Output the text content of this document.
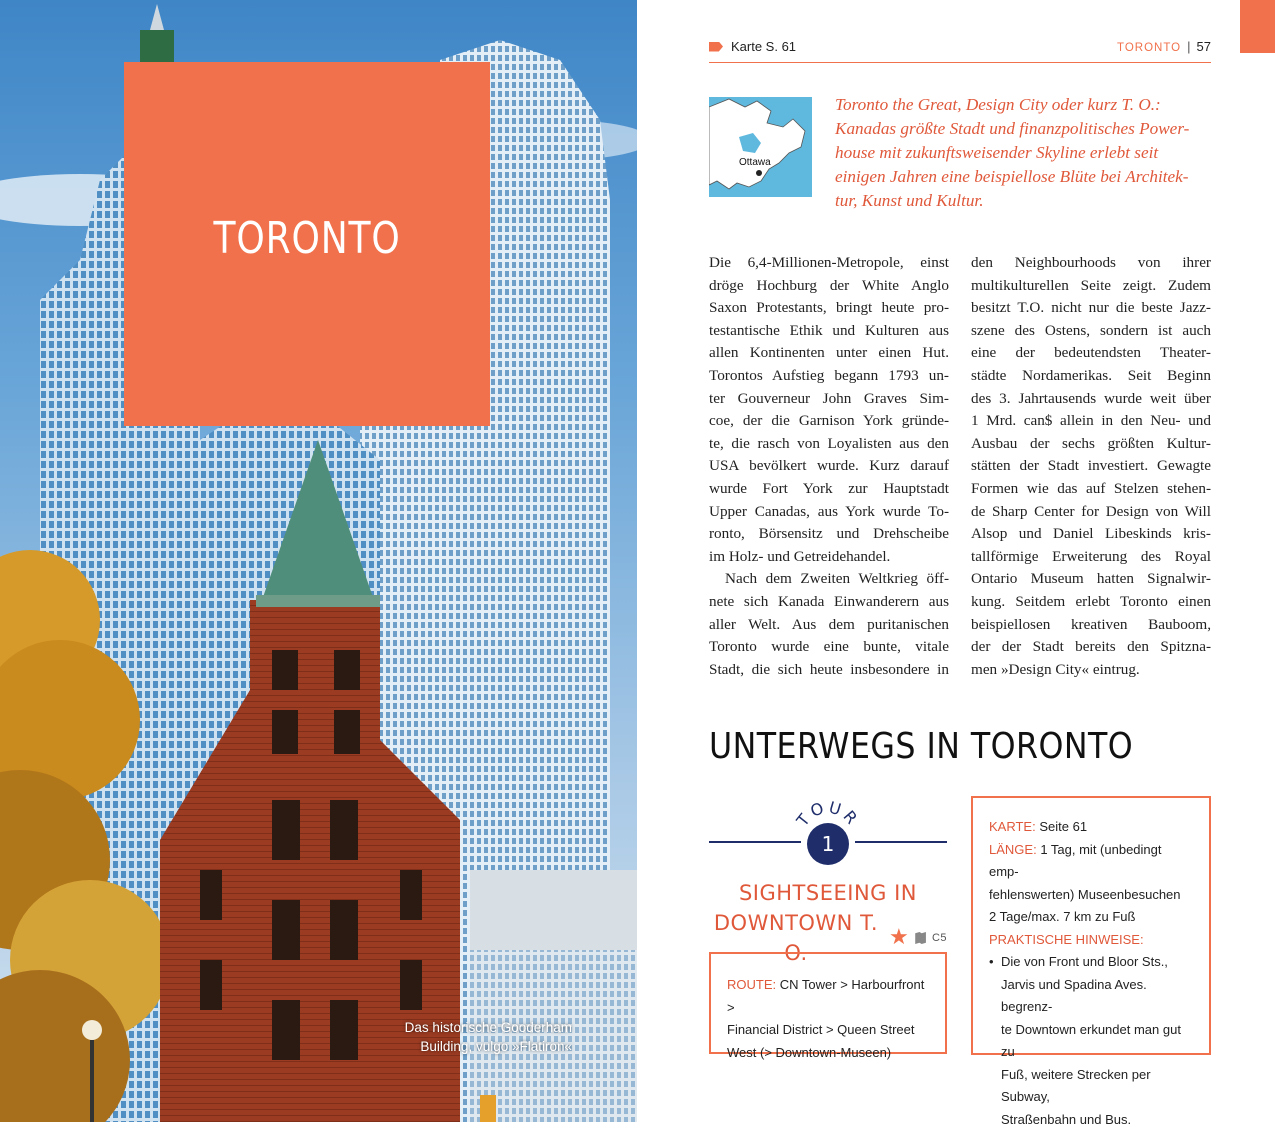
TORONTO
Das historische Gooderham
Building, vulgo »Flatiron«
Karte S. 61	TORONTO | 57
Ottawa
Toronto the Great, Design City oder kurz T. O.:
Kanadas größte Stadt und finanzpolitisches Power-
house mit zukunftsweisender Skyline erlebt seit
einigen Jahren eine beispiellose Blüte bei Architek-
tur, Kunst und Kultur.
Die 6,4-Millionen-Metropole, einst
dröge Hochburg der White Anglo
Saxon Protestants, bringt heute pro-
testantische Ethik und Kulturen aus
allen Kontinenten unter einen Hut.
Torontos Aufstieg begann 1793 un-
ter Gouverneur John Graves Sim-
coe, der die Garnison York gründe-
te, die rasch von Loyalisten aus den
USA bevölkert wurde. Kurz darauf
wurde Fort York zur Hauptstadt
Upper Canadas, aus York wurde To-
ronto, Börsensitz und Drehscheibe
im Holz- und Getreidehandel.
Nach dem Zweiten Weltkrieg öff-
nete sich Kanada Einwanderern aus
aller Welt. Aus dem puritanischen
Toronto wurde eine bunte, vitale
Stadt, die sich heute insbesondere in
den Neighbourhoods von ihrer
multikulturellen Seite zeigt. Zudem
besitzt T.O. nicht nur die beste Jazz-
szene des Ostens, sondern ist auch
eine der bedeutendsten Theater-
städte Nordamerikas. Seit Beginn
des 3. Jahrtausends wurde weit über
1 Mrd. can$ allein in den Neu- und
Ausbau der sechs größten Kultur-
stätten der Stadt investiert. Gewagte
Formen wie das auf Stelzen stehen-
de Sharp Center for Design von Will
Alsop und Daniel Libeskinds kris-
tallförmige Erweiterung des Royal
Ontario Museum hatten Signalwir-
kung. Seitdem erlebt Toronto einen
beispiellosen kreativen Bauboom,
der der Stadt bereits den Spitzna-
men »Design City« eintrug.
UNTERWEGS IN TORONTO
TOUR
1
SIGHTSEEING IN
DOWNTOWN T. O.
★ C5
ROUTE: CN Tower > Harbourfront >
Financial District > Queen Street
West (> Downtown-Museen)
KARTE: Seite 61
LÄNGE: 1 Tag, mit (unbedingt emp-
fehlenswerten) Museenbesuchen
2 Tage/max. 7 km zu Fuß
PRAKTISCHE HINWEISE:
• Die von Front und Bloor Sts.,
Jarvis und Spadina Aves. begrenz-
te Downtown erkundet man gut zu
Fuß, weitere Strecken per Subway,
Straßenbahn und Bus.
